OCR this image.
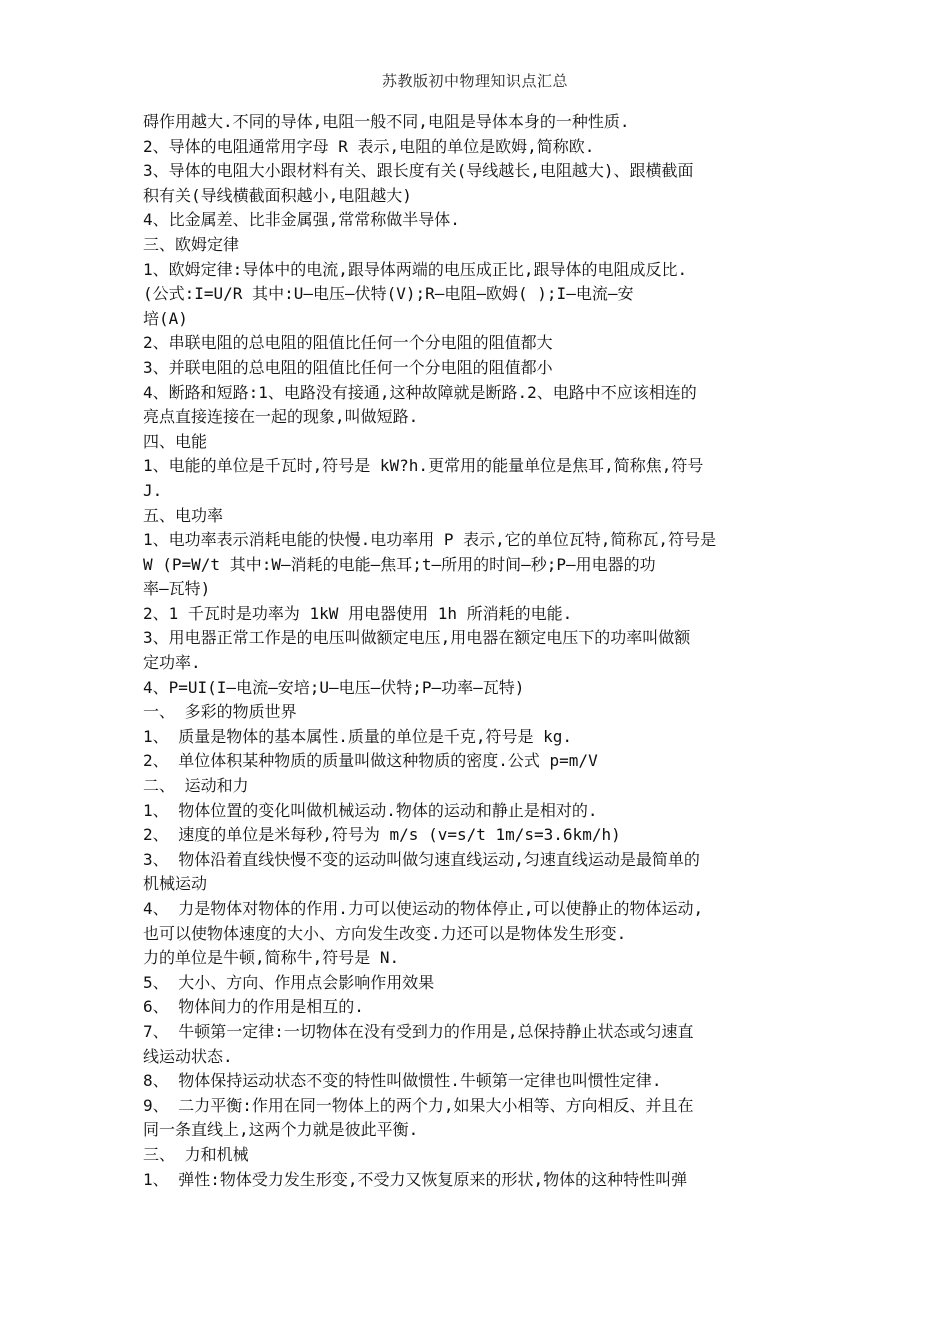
苏教版初中物理知识点汇总
碍作用越大.不同的导体,电阻一般不同,电阻是导体本身的一种性质.
2、导体的电阻通常用字母 R 表示,电阻的单位是欧姆,简称欧.
3、导体的电阻大小跟材料有关、跟长度有关(导线越长,电阻越大)、跟横截面
积有关(导线横截面积越小,电阻越大)
4、比金属差、比非金属强,常常称做半导体.
三、欧姆定律
1、欧姆定律:导体中的电流,跟导体两端的电压成正比,跟导体的电阻成反比.
(公式:I=U/R 其中:U—电压—伏特(V);R—电阻—欧姆( );I—电流—安
培(A)
2、串联电阻的总电阻的阻值比任何一个分电阻的阻值都大
3、并联电阻的总电阻的阻值比任何一个分电阻的阻值都小
4、断路和短路:1、电路没有接通,这种故障就是断路.2、电路中不应该相连的
亮点直接连接在一起的现象,叫做短路.
四、电能
1、电能的单位是千瓦时,符号是 kW?h.更常用的能量单位是焦耳,简称焦,符号
J.
五、电功率
1、电功率表示消耗电能的快慢.电功率用 P 表示,它的单位瓦特,简称瓦,符号是
W (P=W/t 其中:W—消耗的电能—焦耳;t—所用的时间—秒;P—用电器的功
率—瓦特)
2、1 千瓦时是功率为 1kW 用电器使用 1h 所消耗的电能.
3、用电器正常工作是的电压叫做额定电压,用电器在额定电压下的功率叫做额
定功率.
4、P=UI(I—电流—安培;U—电压—伏特;P—功率—瓦特)
一、 多彩的物质世界
1、 质量是物体的基本属性.质量的单位是千克,符号是 kg.
2、 单位体积某种物质的质量叫做这种物质的密度.公式 p=m/V
二、 运动和力
1、 物体位置的变化叫做机械运动.物体的运动和静止是相对的.
2、 速度的单位是米每秒,符号为 m/s (v=s/t 1m/s=3.6km/h)
3、 物体沿着直线快慢不变的运动叫做匀速直线运动,匀速直线运动是最简单的
机械运动
4、 力是物体对物体的作用.力可以使运动的物体停止,可以使静止的物体运动,
也可以使物体速度的大小、方向发生改变.力还可以是物体发生形变.
力的单位是牛顿,简称牛,符号是 N.
5、 大小、方向、作用点会影响作用效果
6、 物体间力的作用是相互的.
7、 牛顿第一定律:一切物体在没有受到力的作用是,总保持静止状态或匀速直
线运动状态.
8、 物体保持运动状态不变的特性叫做惯性.牛顿第一定律也叫惯性定律.
9、 二力平衡:作用在同一物体上的两个力,如果大小相等、方向相反、并且在
同一条直线上,这两个力就是彼此平衡.
三、 力和机械
1、 弹性:物体受力发生形变,不受力又恢复原来的形状,物体的这种特性叫弹
